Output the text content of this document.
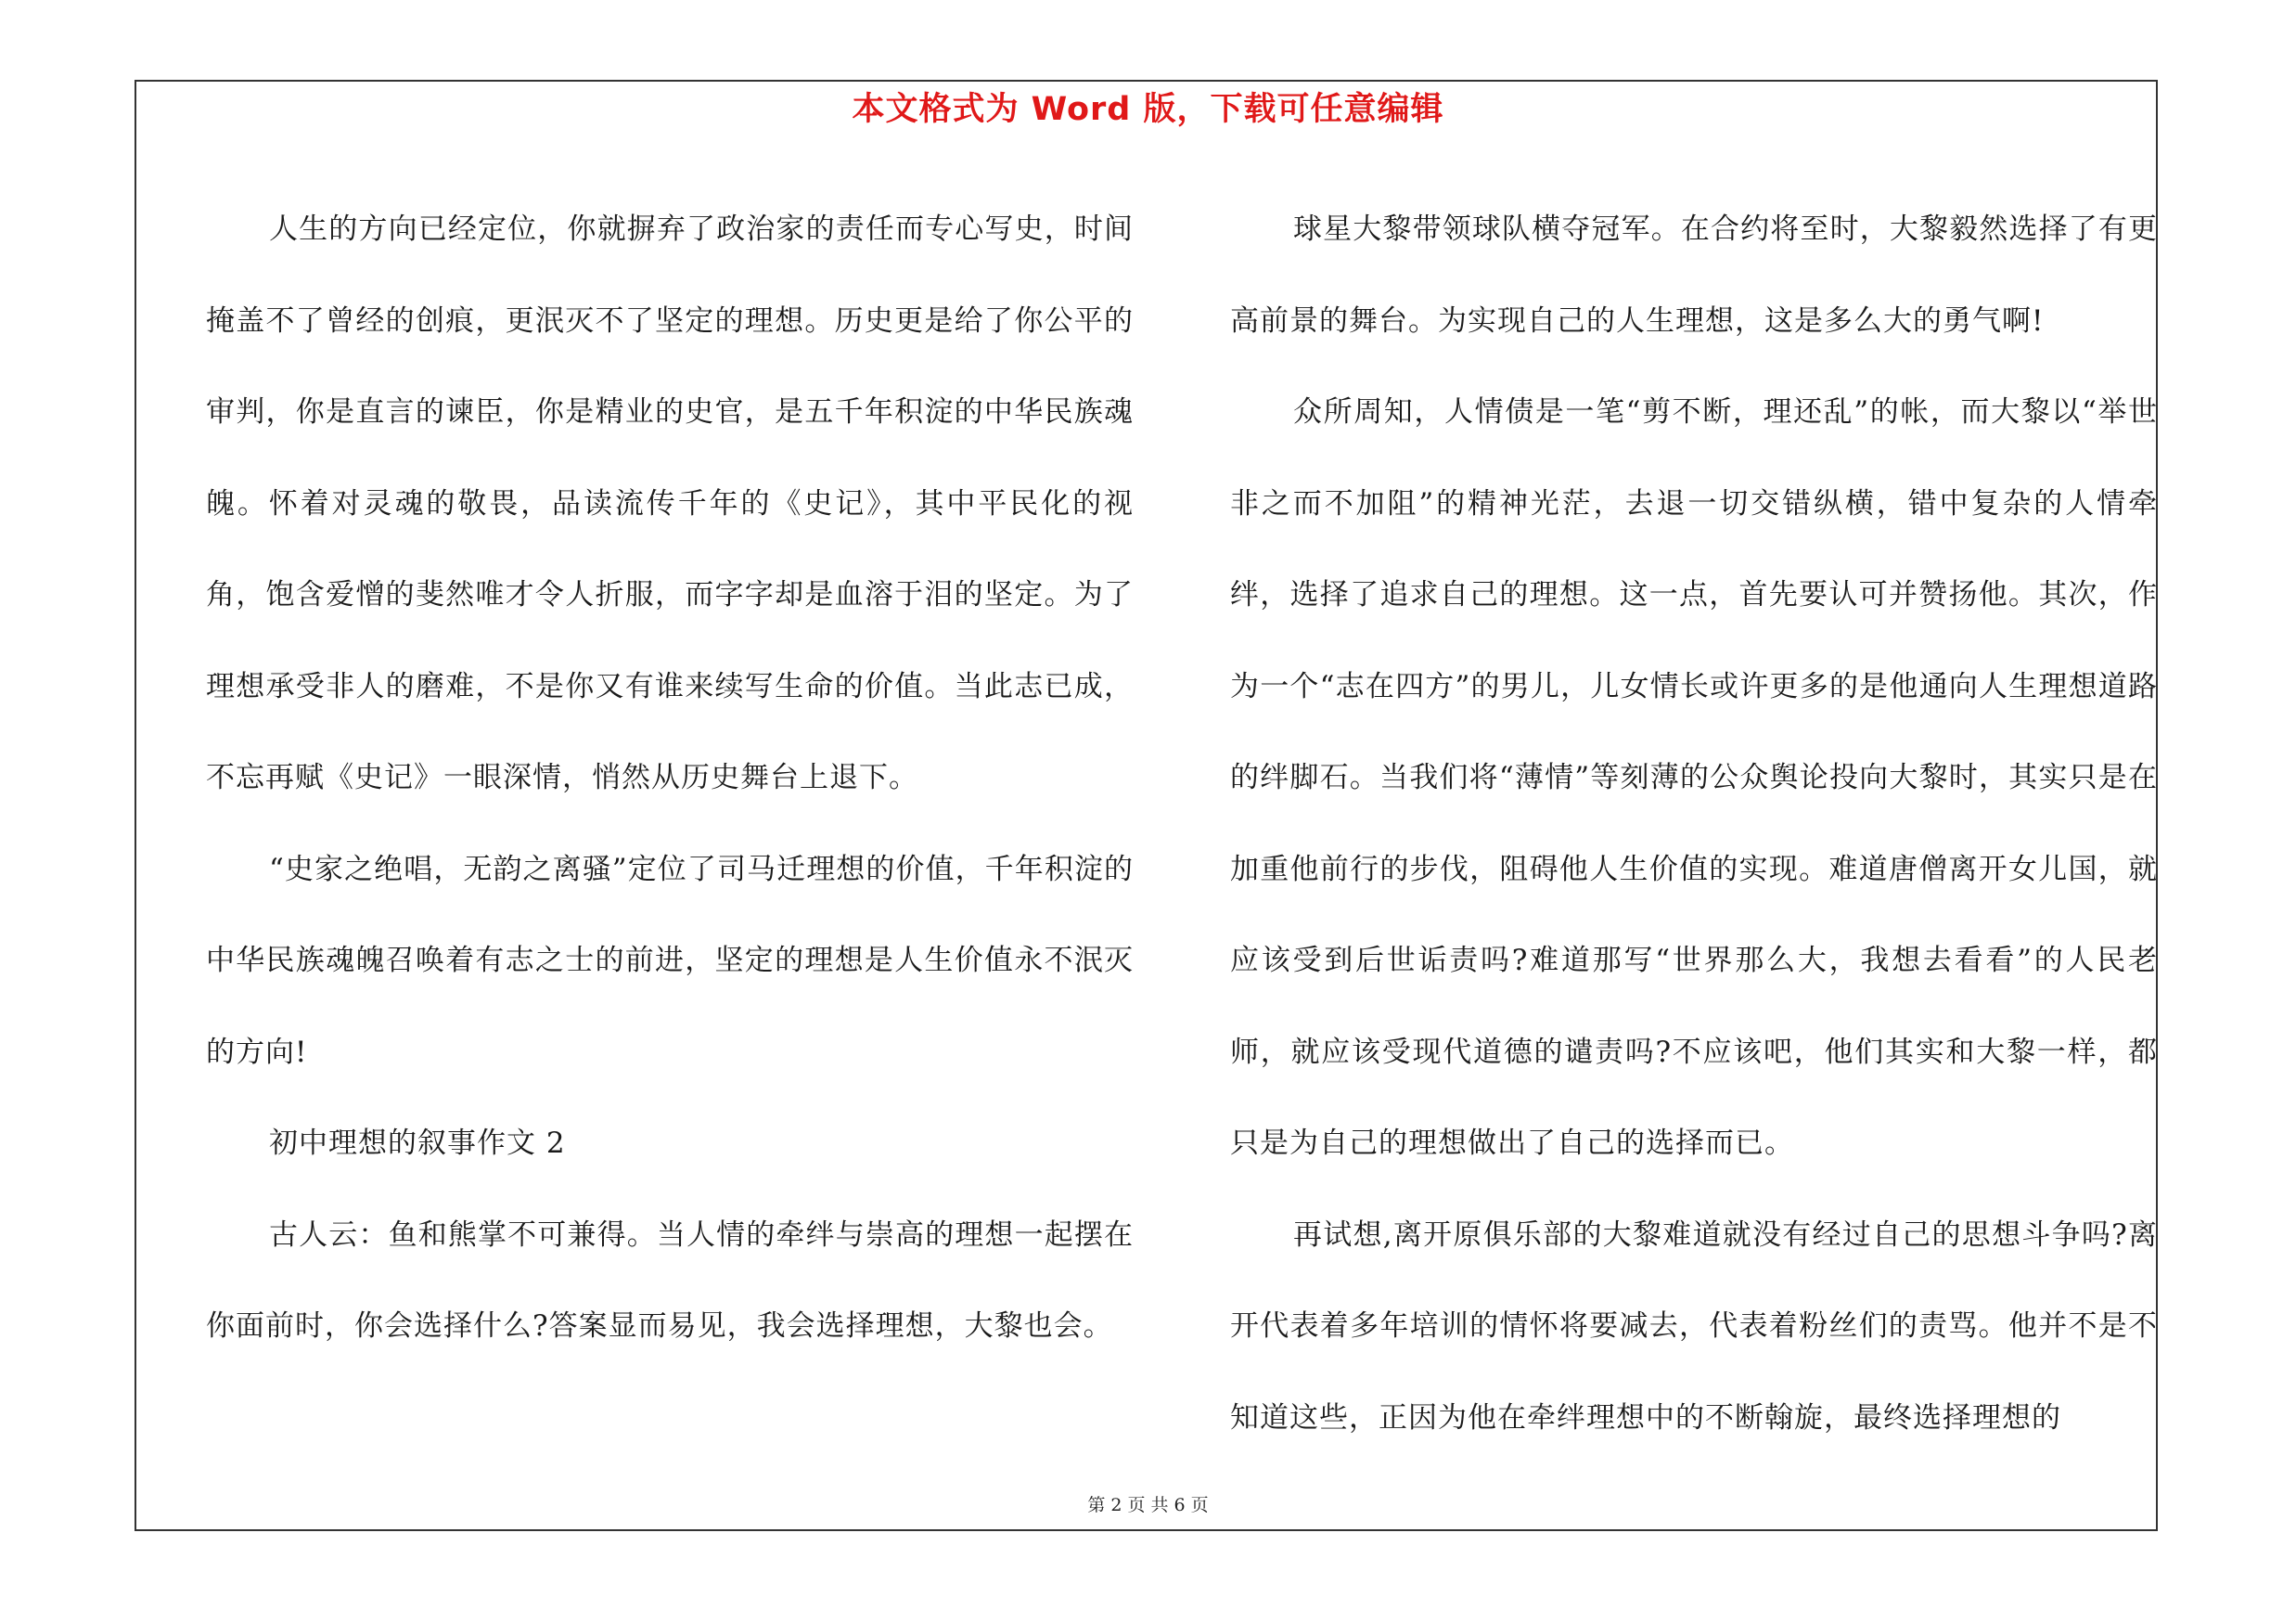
本文格式为 Word 版，下载可任意编辑

人生的方向已经定位，你就摒弃了政治家的责任而专心写史，时间掩盖不了曾经的创痕，更泯灭不了坚定的理想。历史更是给了你公平的审判，你是直言的谏臣，你是精业的史官，是五千年积淀的中华民族魂魄。怀着对灵魂的敬畏，品读流传千年的《史记》，其中平民化的视角，饱含爱憎的斐然唯才令人折服，而字字却是血溶于泪的坚定。为了理想承受非人的磨难，不是你又有谁来续写生命的价值。当此志已成，不忘再赋《史记》一眼深情，悄然从历史舞台上退下。

“史家之绝唱，无韵之离骚”定位了司马迁理想的价值，千年积淀的中华民族魂魄召唤着有志之士的前进，坚定的理想是人生价值永不泯灭的方向!

初中理想的叙事作文 2

古人云：鱼和熊掌不可兼得。当人情的牵绊与崇高的理想一起摆在你面前时，你会选择什么?答案显而易见，我会选择理想，大黎也会。

球星大黎带领球队横夺冠军。在合约将至时，大黎毅然选择了有更高前景的舞台。为实现自己的人生理想，这是多么大的勇气啊!

众所周知，人情债是一笔“剪不断，理还乱”的帐，而大黎以“举世非之而不加阻”的精神光茫，去退一切交错纵横，错中复杂的人情牵绊，选择了追求自己的理想。这一点，首先要认可并赞扬他。其次，作为一个“志在四方”的男儿，儿女情长或许更多的是他通向人生理想道路的绊脚石。当我们将“薄情”等刻薄的公众舆论投向大黎时，其实只是在加重他前行的步伐，阻碍他人生价值的实现。难道唐僧离开女儿国，就应该受到后世诟责吗?难道那写“世界那么大，我想去看看”的人民老师，就应该受现代道德的谴责吗?不应该吧，他们其实和大黎一样，都只是为自己的理想做出了自己的选择而已。

再试想,离开原俱乐部的大黎难道就没有经过自己的思想斗争吗?离开代表着多年培训的情怀将要减去，代表着粉丝们的责骂。他并不是不知道这些，正因为他在牵绊理想中的不断翰旋，最终选择理想的

第 2 页 共 6 页
